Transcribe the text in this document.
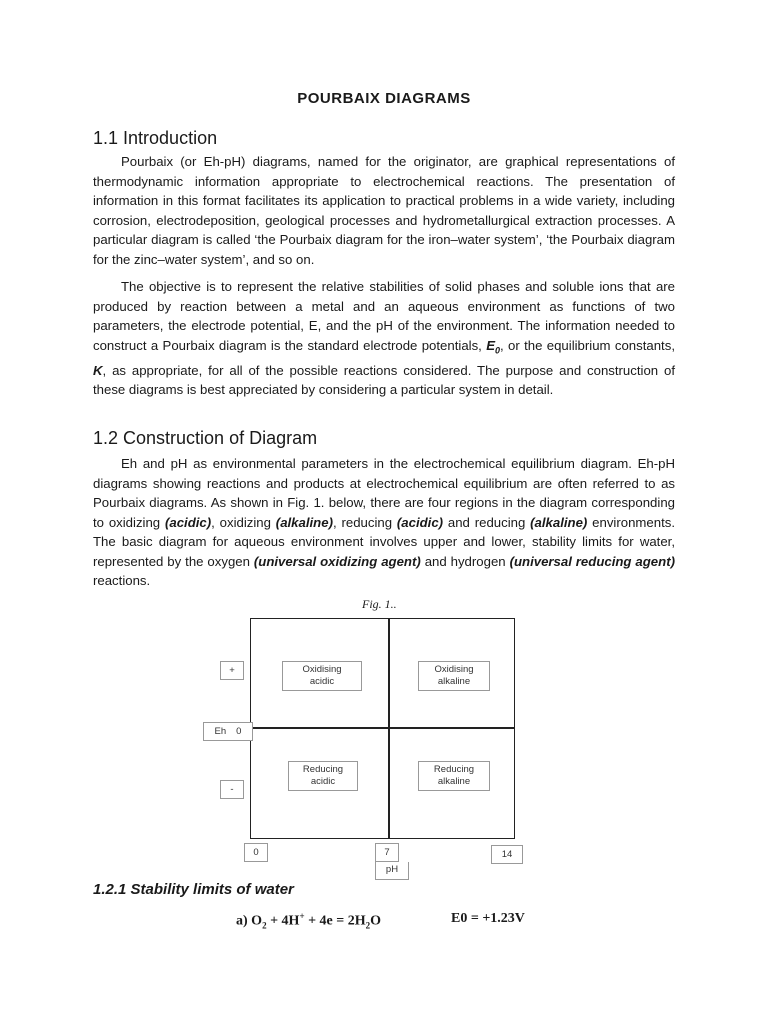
POURBAIX DIAGRAMS
1.1 Introduction

Pourbaix (or Eh-pH) diagrams, named for the originator, are graphical representations of thermodynamic information appropriate to electrochemical reactions. The presentation of information in this format facilitates its application to practical problems in a wide variety, including corrosion, electrodeposition, geological processes and hydrometallurgical extraction processes. A particular diagram is called ‘the Pourbaix diagram for the iron–water system’, ‘the Pourbaix diagram for the zinc–water system’, and so on.

The objective is to represent the relative stabilities of solid phases and soluble ions that are produced by reaction between a metal and an aqueous environment as functions of two parameters, the electrode potential, E, and the pH of the environment. The information needed to construct a Pourbaix diagram is the standard electrode potentials, $E_0$, or the equilibrium constants, K, as appropriate, for all of the possible reactions considered. The purpose and construction of these diagrams is best appreciated by considering a particular system in detail.

1.2 Construction of Diagram

Eh and pH as environmental parameters in the electrochemical equilibrium diagram. Eh-pH diagrams showing reactions and products at electrochemical equilibrium are often referred to as Pourbaix diagrams. As shown in Fig. 1. below, there are four regions in the diagram corresponding to oxidizing (acidic), oxidizing (alkaline), reducing (acidic) and reducing (alkaline) environments. The basic diagram for aqueous environment involves upper and lower, stability limits for water, represented by the oxygen (universal oxidizing agent) and hydrogen (universal reducing agent) reactions.

Fig. 1..
Oxidising
acidic
Oxidising
alkaline
Reducing
acidic
Reducing
alkaline
+
Eh 0
-
0	7
pH
14
1.2.1 Stability limits of water
a) $O_2 + 4H^+ + 4e = 2H_2O$	E0 = +1.23V
